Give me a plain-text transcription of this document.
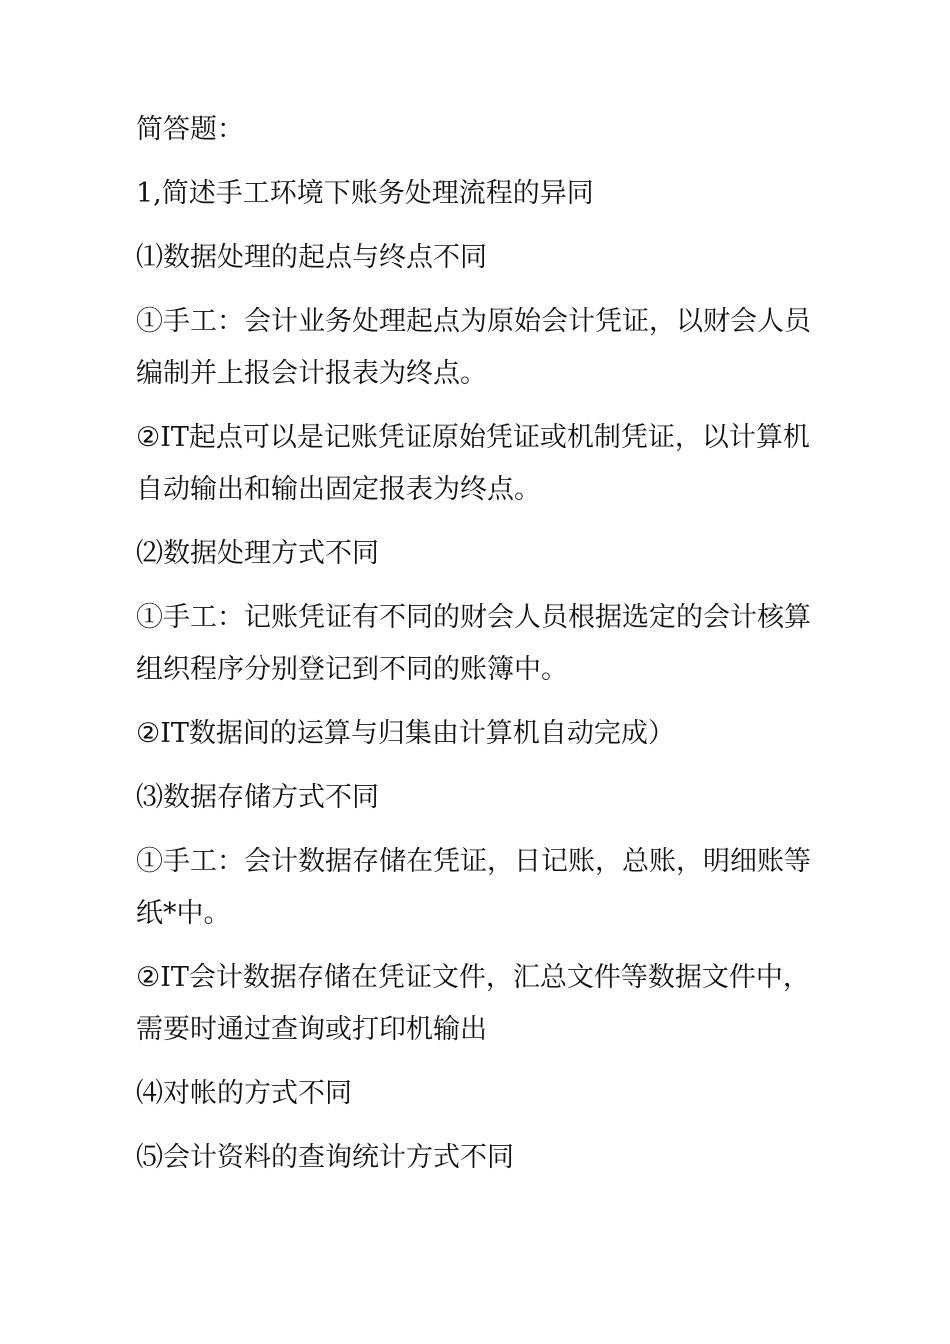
简答题：

1,简述手工环境下账务处理流程的异同

⑴数据处理的起点与终点不同

①手工：会计业务处理起点为原始会计凭证，以财会人员编制并上报会计报表为终点。

②IT起点可以是记账凭证原始凭证或机制凭证，以计算机自动输出和输出固定报表为终点。

⑵数据处理方式不同

①手工：记账凭证有不同的财会人员根据选定的会计核算组织程序分别登记到不同的账簿中。

②IT数据间的运算与归集由计算机自动完成）

⑶数据存储方式不同

①手工：会计数据存储在凭证，日记账，总账，明细账等纸*中。

②IT会计数据存储在凭证文件，汇总文件等数据文件中，需要时通过查询或打印机输出

⑷对帐的方式不同

⑸会计资料的查询统计方式不同
